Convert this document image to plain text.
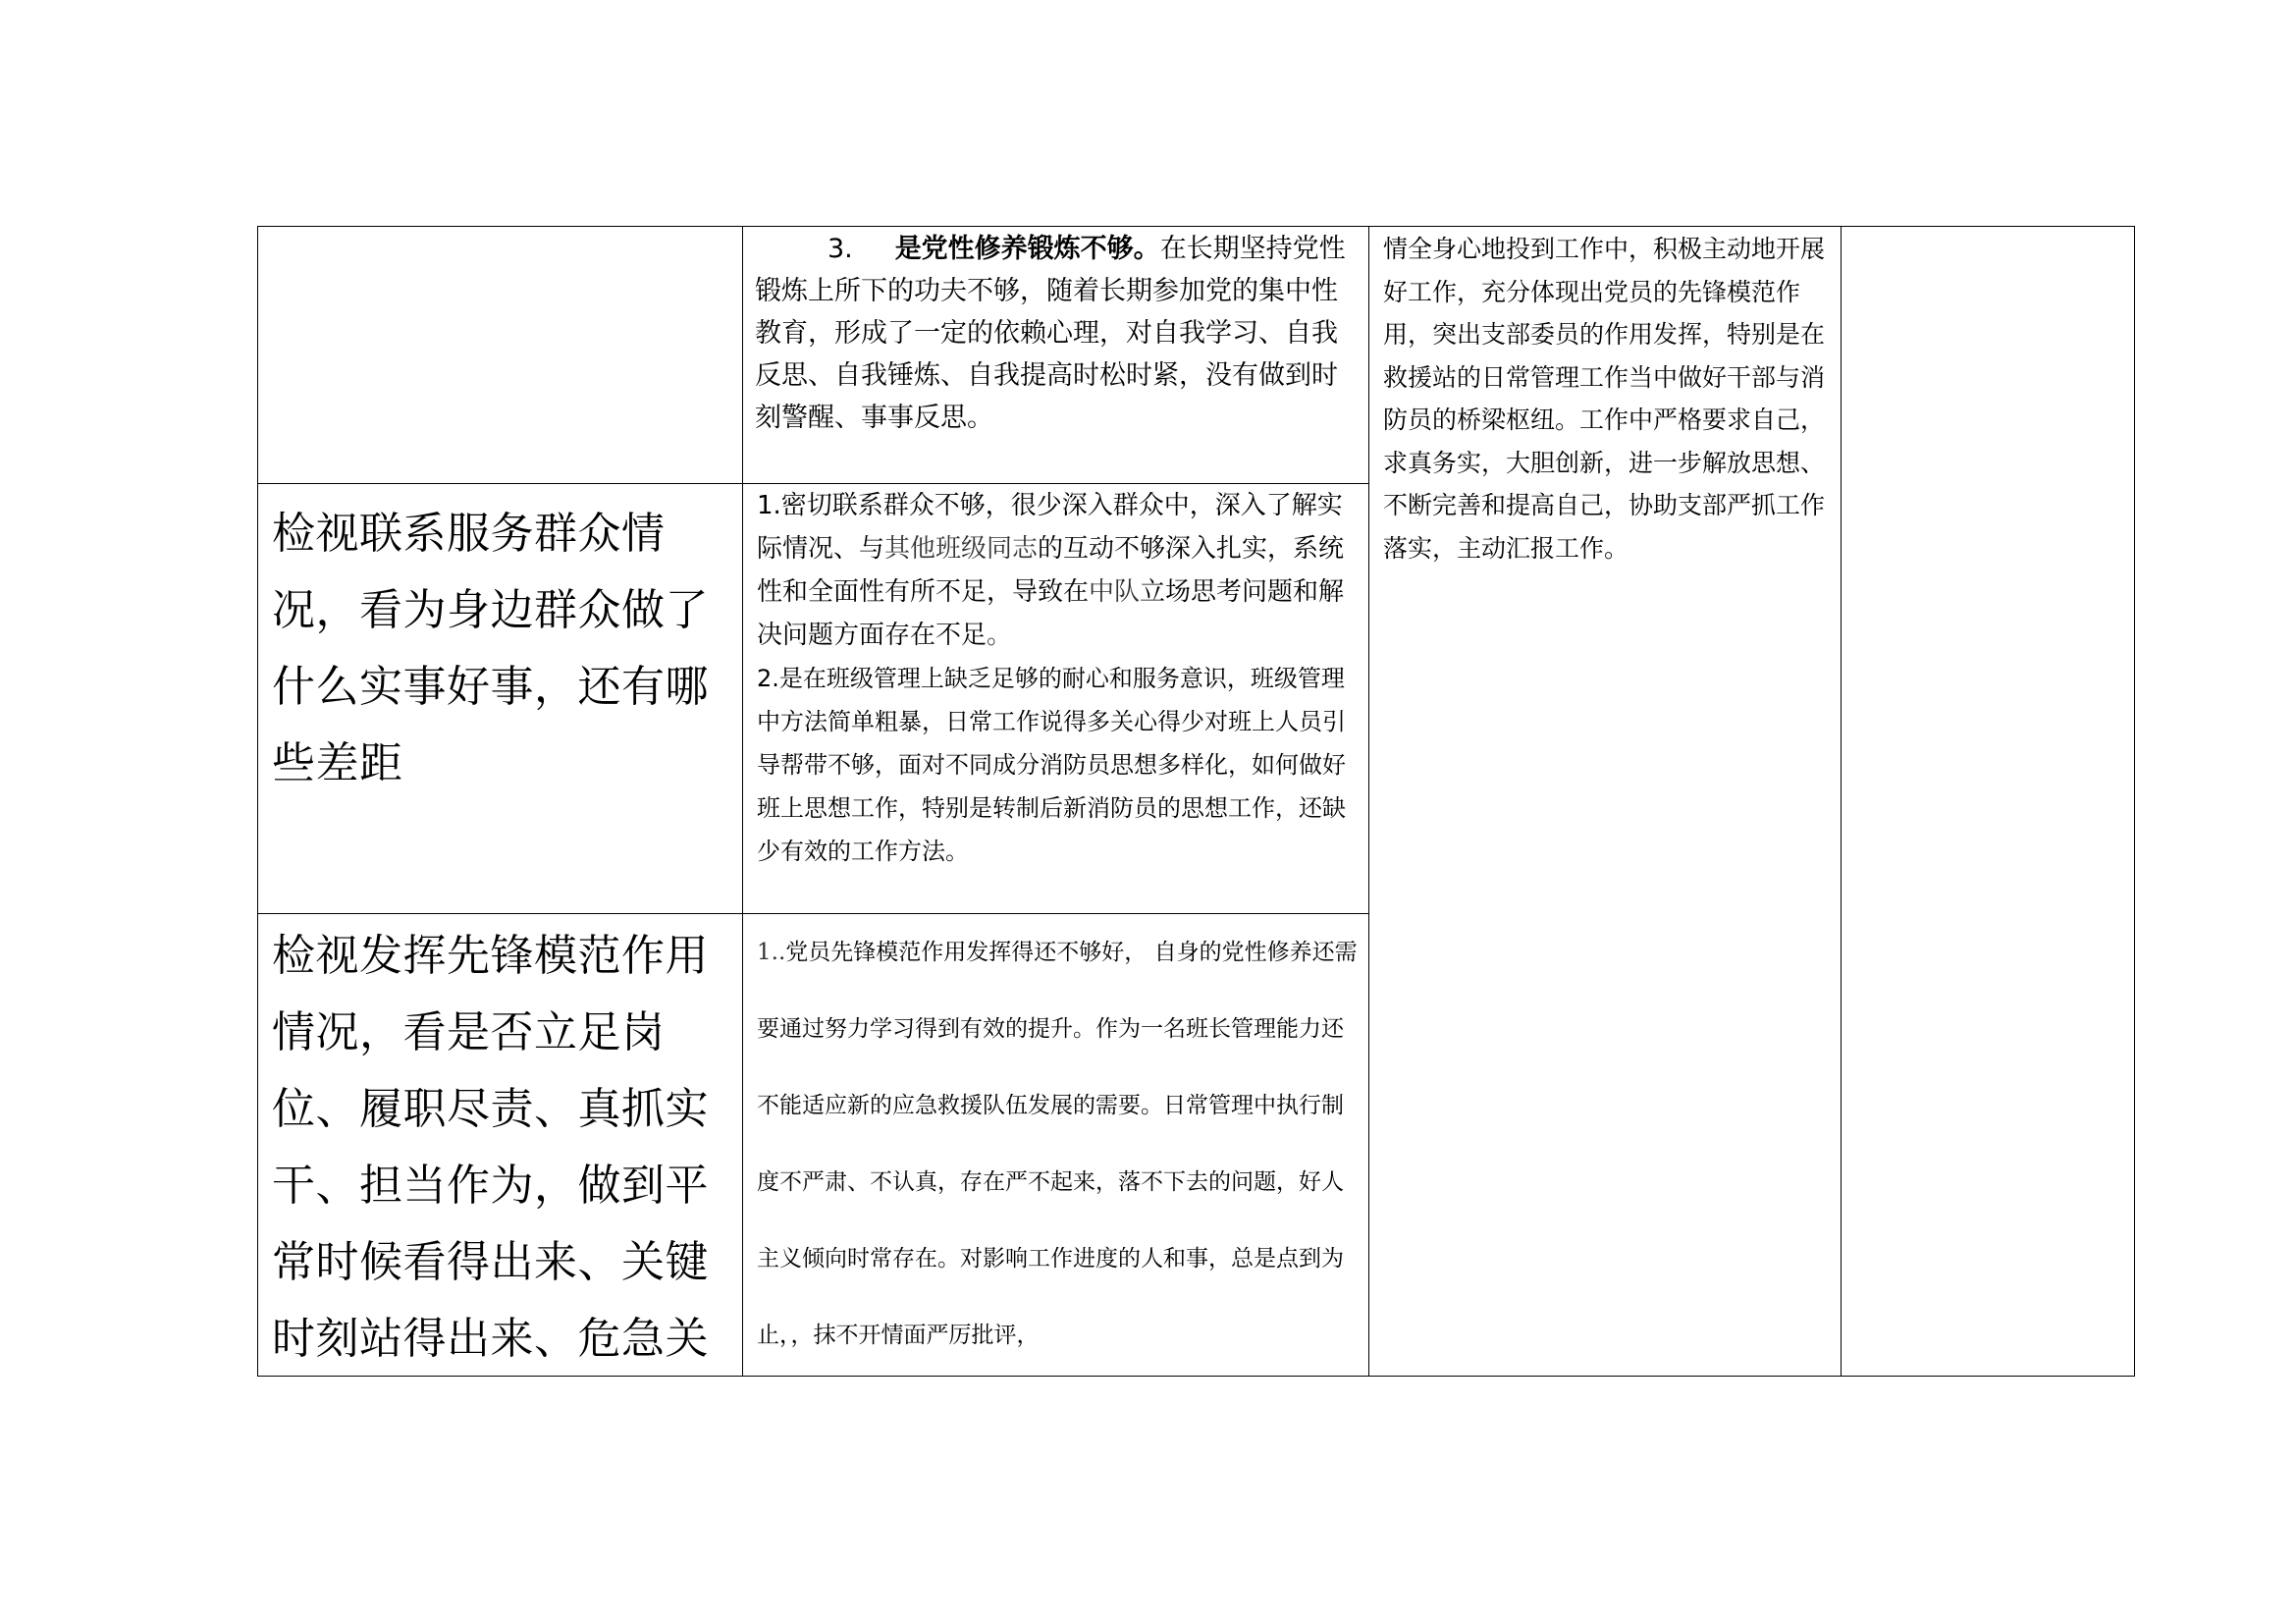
检视联系服务群众情况，看为身边群众做了什么实事好事，还有哪些差距

检视发挥先锋模范作用情况，看是否立足岗位、履职尽责、真抓实干、担当作为，做到平常时候看得出来、关键时刻站得出来、危急关

3. 是党性修养锻炼不够。在长期坚持党性锻炼上所下的功夫不够，随着长期参加党的集中性教育，形成了一定的依赖心理，对自我学习、自我反思、自我锤炼、自我提高时松时紧，没有做到时刻警醒、事事反思。

1.密切联系群众不够，很少深入群众中，深入了解实际情况、与其他班级同志的互动不够深入扎实，系统性和全面性有所不足，导致在中队立场思考问题和解决问题方面存在不足。

2.是在班级管理上缺乏足够的耐心和服务意识，班级管理中方法简单粗暴，日常工作说得多关心得少对班上人员引导帮带不够，面对不同成分消防员思想多样化，如何做好班上思想工作，特别是转制后新消防员的思想工作，还缺少有效的工作方法。

1..党员先锋模范作用发挥得还不够好， 自身的党性修养还需要通过努力学习得到有效的提升。作为一名班长管理能力还不能适应新的应急救援队伍发展的需要。日常管理中执行制度不严肃、不认真，存在严不起来，落不下去的问题，好人主义倾向时常存在。对影响工作进度的人和事，总是点到为止，，抹不开情面严厉批评，

情全身心地投到工作中，积极主动地开展好工作，充分体现出党员的先锋模范作用，突出支部委员的作用发挥，特别是在救援站的日常管理工作当中做好干部与消防员的桥梁枢纽。工作中严格要求自己，求真务实，大胆创新，进一步解放思想、不断完善和提高自己，协助支部严抓工作落实，主动汇报工作。
